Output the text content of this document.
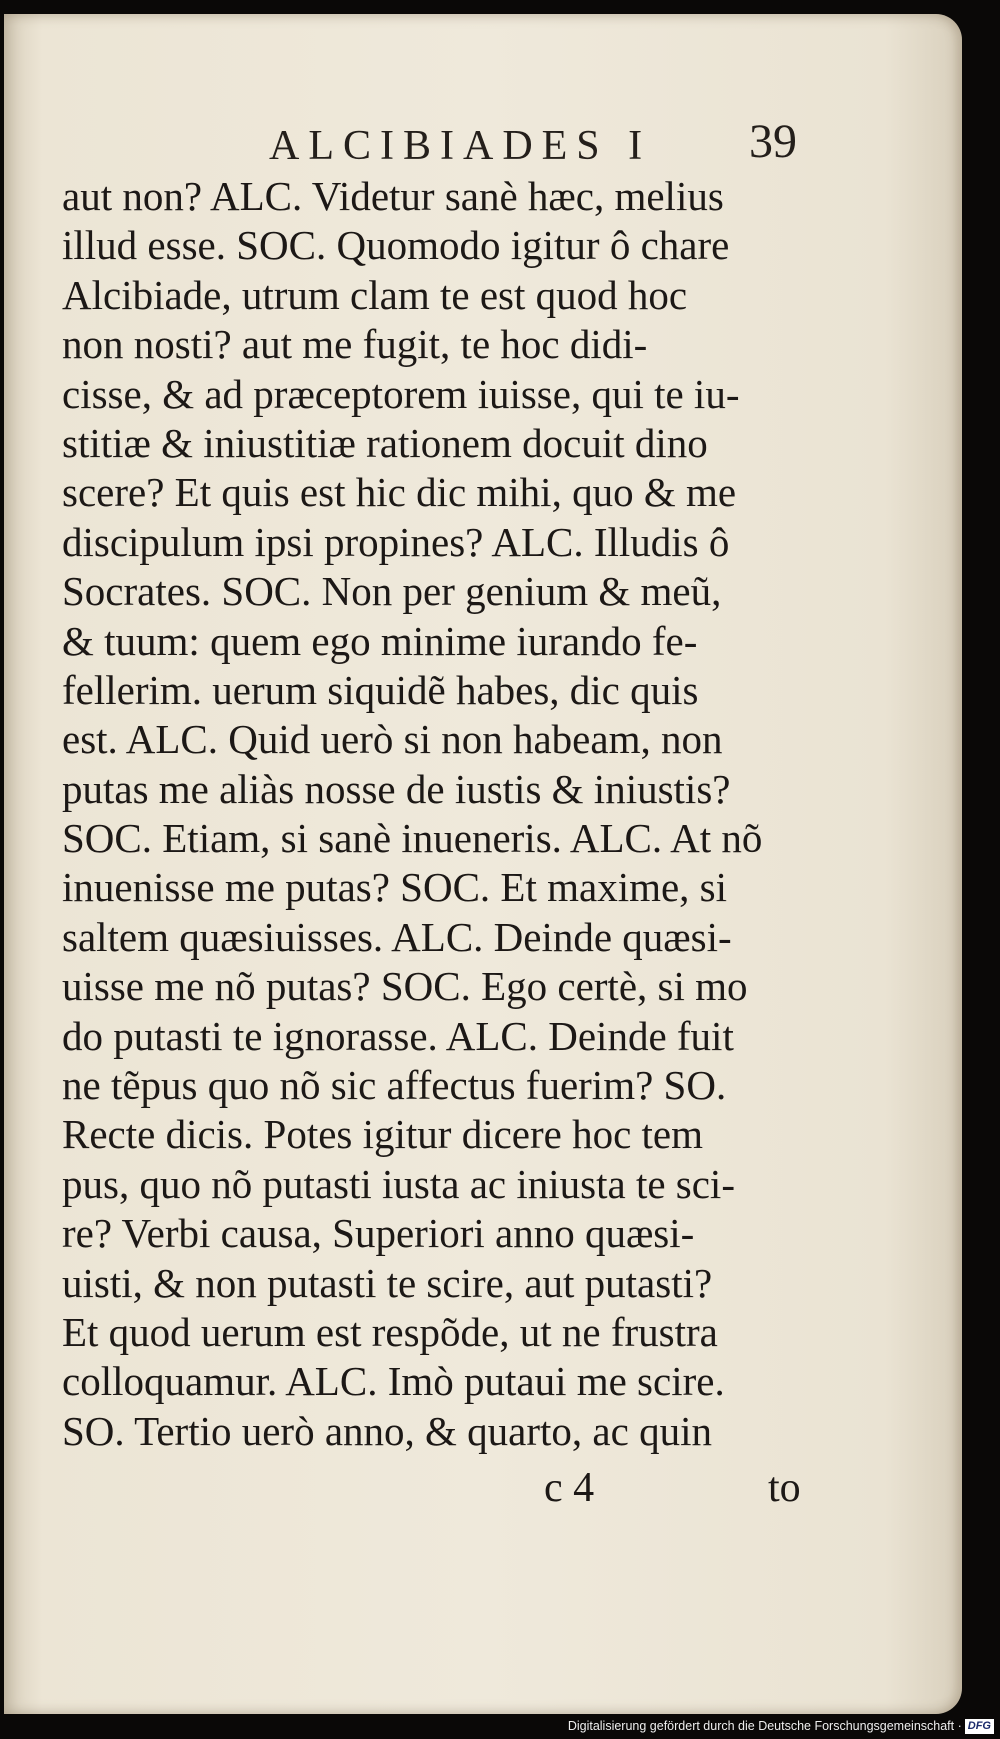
ALCIBIADES I 39
aut non? ALC. Videtur sanè hæc, melius
illud esse. SOC. Quomodo igitur ô chare
Alcibiade, utrum clam te est quod hoc
non nosti? aut me fugit, te hoc didi-
cisse, & ad præceptorem iuisse, qui te iu-
stitiæ & iniustitiæ rationem docuit dino
scere? Et quis est hic dic mihi, quo & me
discipulum ipsi propines? ALC. Illudis ô
Socrates. SOC. Non per genium & meũ,
& tuum: quem ego minime iurando fe-
fellerim. uerum siquidẽ habes, dic quis
est. ALC. Quid uerò si non habeam, non
putas me aliàs nosse de iustis & iniustis?
SOC. Etiam, si sanè inueneris. ALC. At nõ
inuenisse me putas? SOC. Et maxime, si
saltem quæsiuisses. ALC. Deinde quæsi-
uisse me nõ putas? SOC. Ego certè, si mo
do putasti te ignorasse. ALC. Deinde fuit
ne tẽpus quo nõ sic affectus fuerim? SO.
Recte dicis. Potes igitur dicere hoc tem
pus, quo nõ putasti iusta ac iniusta te sci-
re? Verbi causa, Superiori anno quæsi-
uisti, & non putasti te scire, aut putasti?
Et quod uerum est respõde, ut ne frustra
colloquamur. ALC. Imò putaui me scire.
SO. Tertio uerò anno, & quarto, ac quin
c 4	to
Digitalisierung gefördert durch die Deutsche Forschungsgemeinschaft · DFG
